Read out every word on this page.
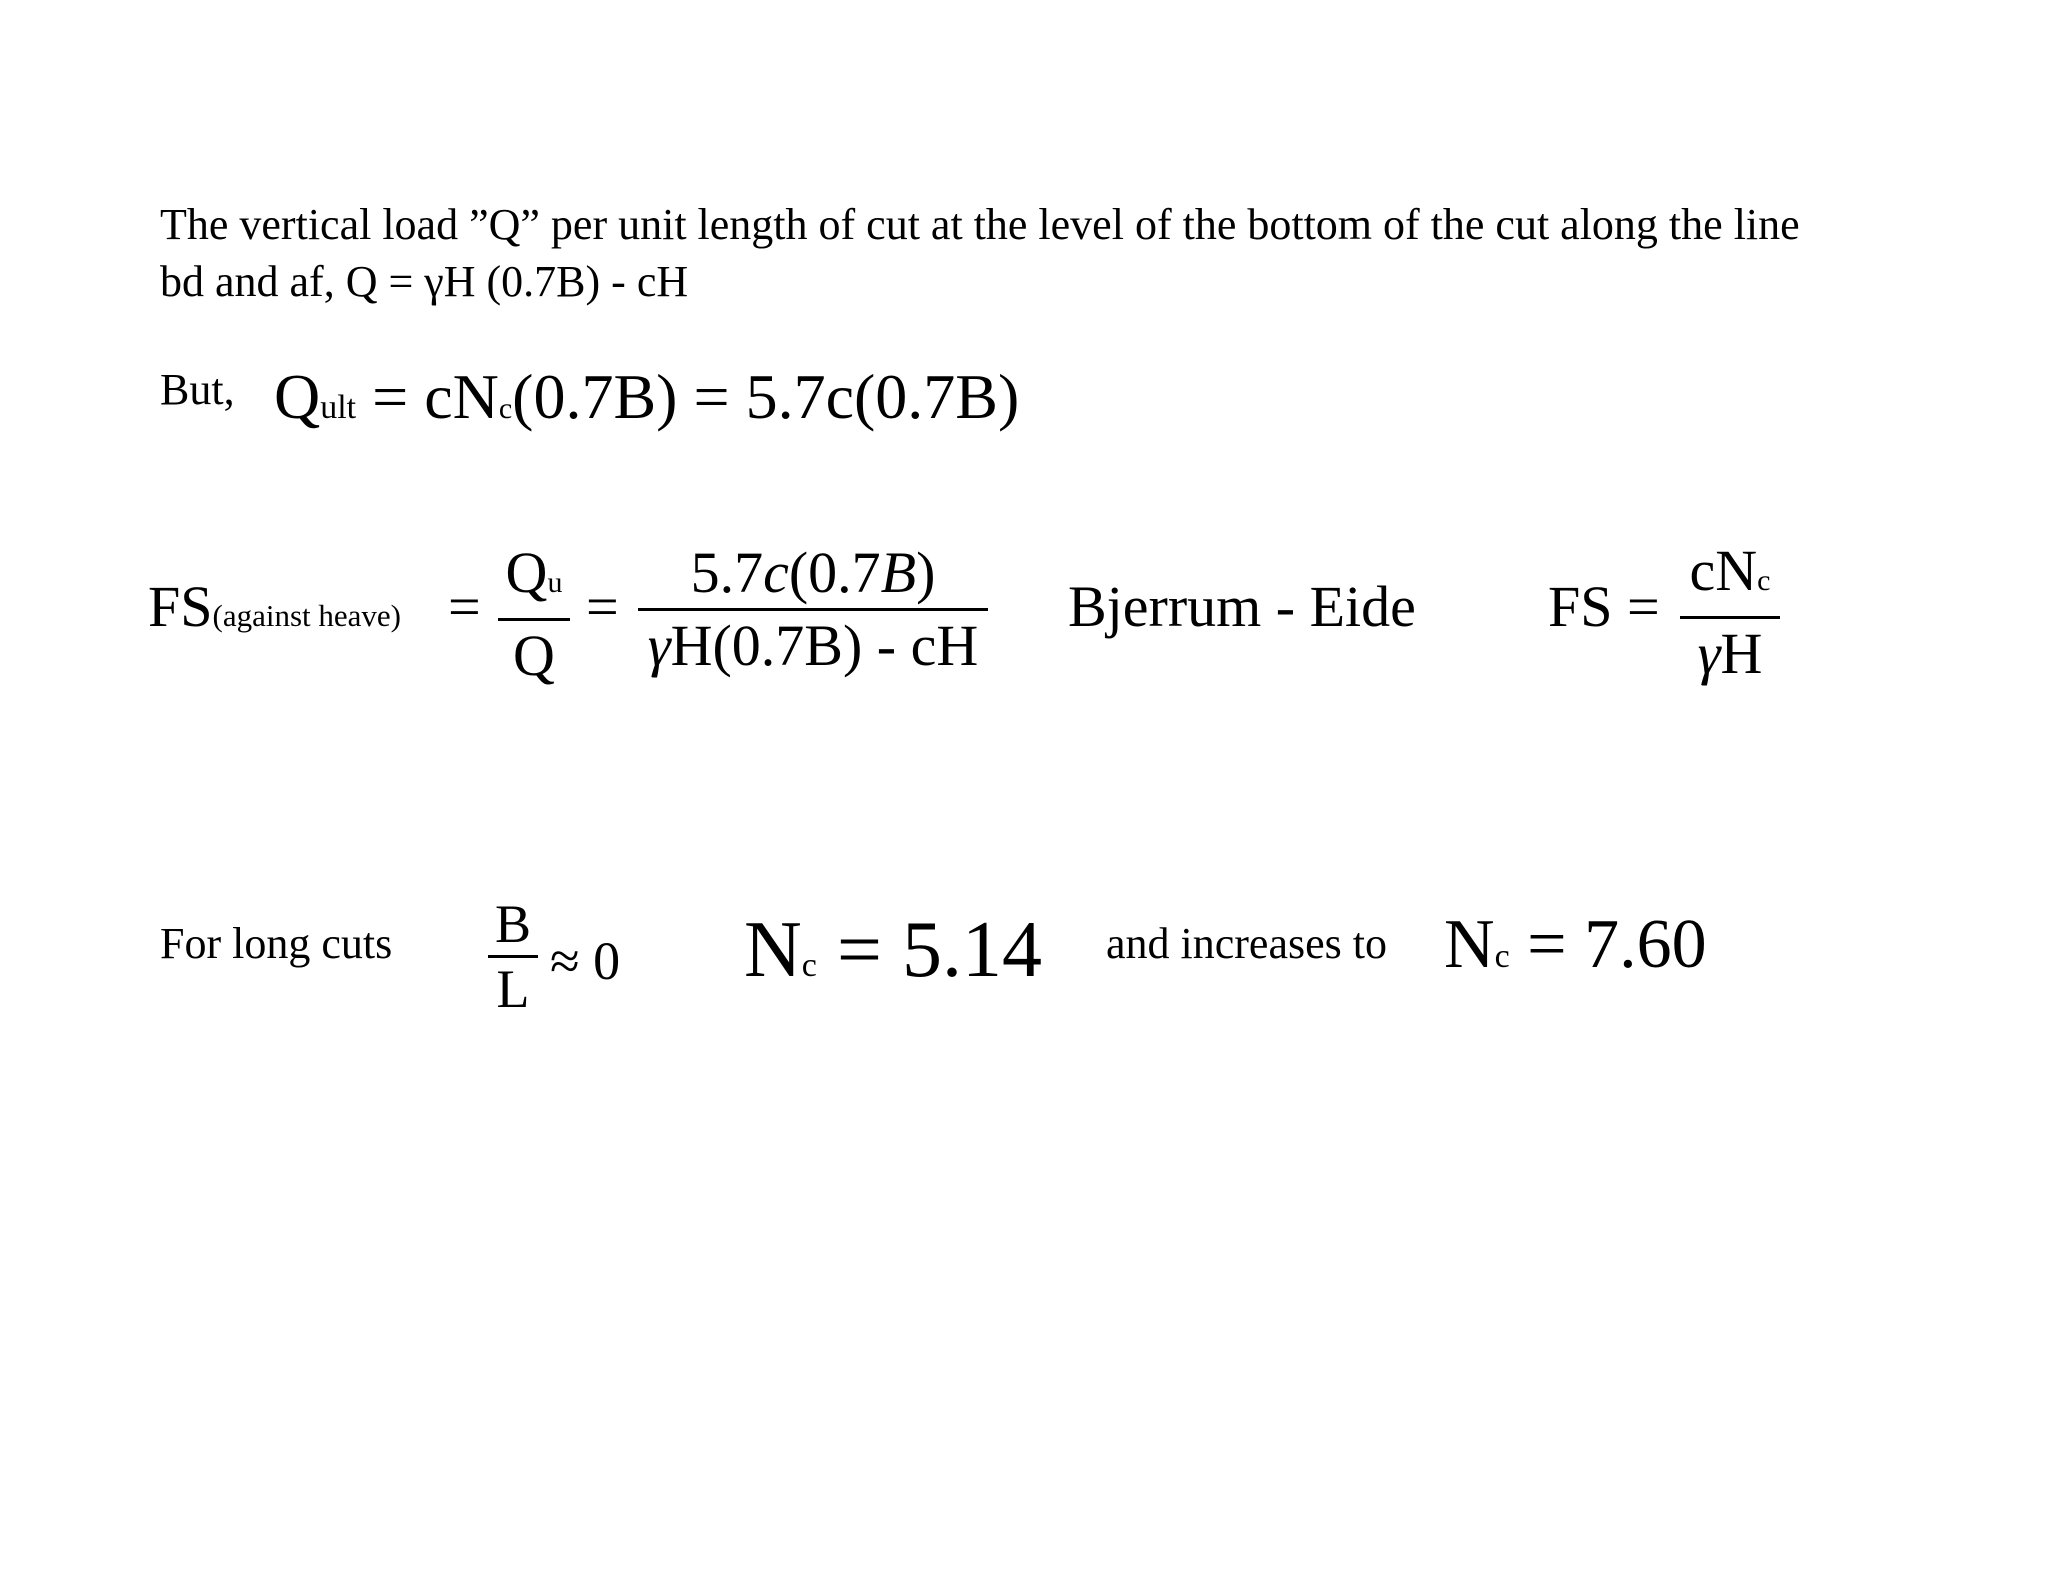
The vertical load ”Q” per unit length of cut at the level of the bottom of the cut along the line
bd and af, Q = γH (0.7B) - cH
But, Qult = cNc(0.7B) = 5.7c(0.7B)
FS(against heave) =
Qu
Q
=
5.7c(0.7B)
γH(0.7B) - cH
Bjerrum - Eide FS =
cNc
γH
For long cuts B
L ≈ 0 Nc = 5.14 and increases to Nc = 7.60
